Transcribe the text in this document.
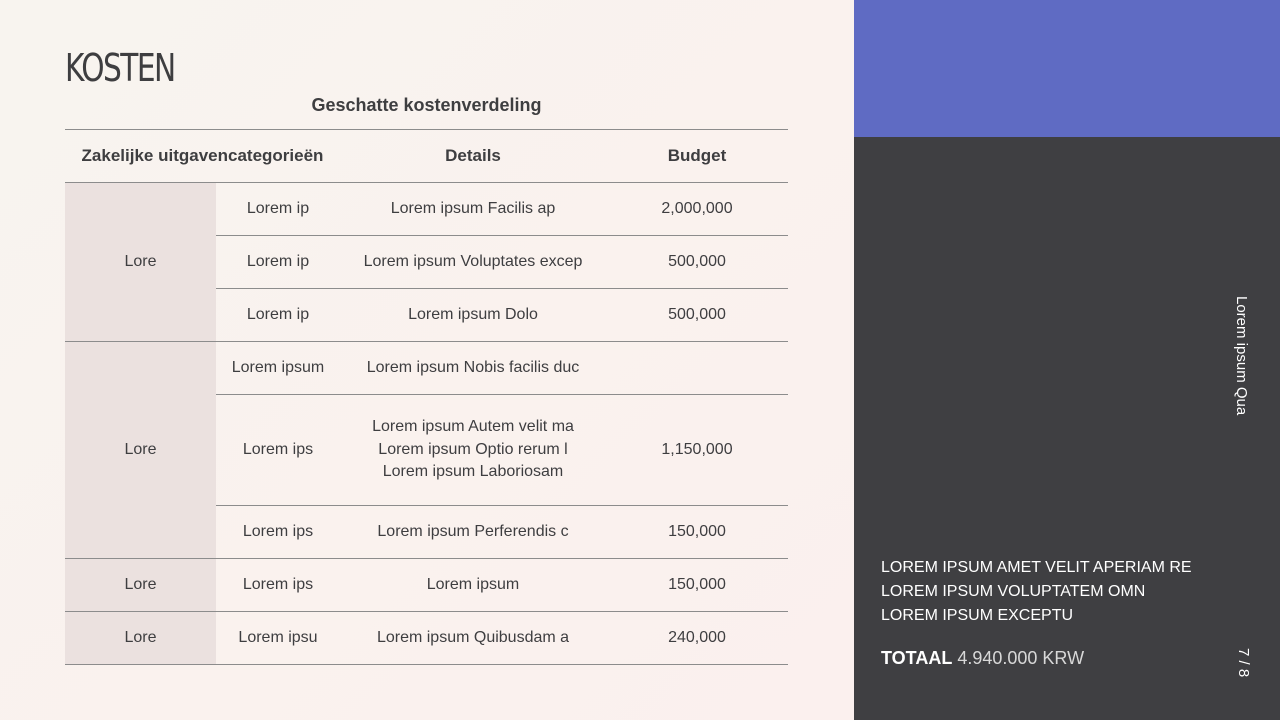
KOSTEN
Geschatte kostenverdeling
Zakelijke uitgavencategorieën		Details	Budget
Lore	Lorem ip	Lorem ipsum Facilis ap	2,000,000
	Lorem ip	Lorem ipsum Voluptates excep	500,000
	Lorem ip	Lorem ipsum Dolo	500,000
Lore	Lorem ipsum	Lorem ipsum Nobis facilis duc	
	Lorem ips	Lorem ipsum Autem velit ma
Lorem ipsum Optio rerum l
Lorem ipsum Laboriosam	1,150,000
	Lorem ips	Lorem ipsum Perferendis c	150,000
Lore	Lorem ips	Lorem ipsum	150,000
Lore	Lorem ipsu	Lorem ipsum Quibusdam a	240,000
Lorem ipsum Qua
LOREM IPSUM AMET VELIT APERIAM RE
LOREM IPSUM VOLUPTATEM OMN
LOREM IPSUM EXCEPTU
TOTAAL 4.940.000 KRW	7 / 8
